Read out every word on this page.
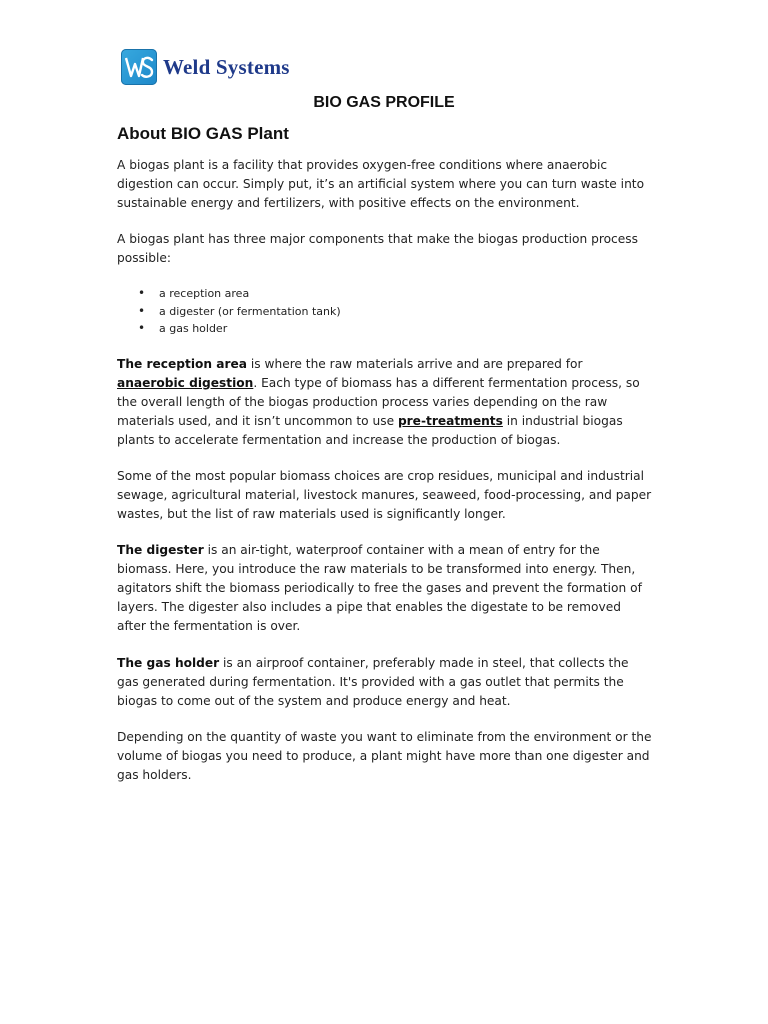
Weld Systems
BIO GAS PROFILE
About BIO GAS Plant

A biogas plant is a facility that provides oxygen-free conditions where anaerobic digestion can occur. Simply put, it’s an artificial system where you can turn waste into sustainable energy and fertilizers, with positive effects on the environment.

A biogas plant has three major components that make the biogas production process possible:

• a reception area
• a digester (or fermentation tank)
• a gas holder

The reception area is where the raw materials arrive and are prepared for anaerobic digestion. Each type of biomass has a different fermentation process, so the overall length of the biogas production process varies depending on the raw materials used, and it isn’t uncommon to use pre-treatments in industrial biogas plants to accelerate fermentation and increase the production of biogas.

Some of the most popular biomass choices are crop residues, municipal and industrial sewage, agricultural material, livestock manures, seaweed, food-processing, and paper wastes, but the list of raw materials used is significantly longer.

The digester is an air-tight, waterproof container with a mean of entry for the biomass. Here, you introduce the raw materials to be transformed into energy. Then, agitators shift the biomass periodically to free the gases and prevent the formation of layers. The digester also includes a pipe that enables the digestate to be removed after the fermentation is over.

The gas holder is an airproof container, preferably made in steel, that collects the gas generated during fermentation. It's provided with a gas outlet that permits the biogas to come out of the system and produce energy and heat.

Depending on the quantity of waste you want to eliminate from the environment or the volume of biogas you need to produce, a plant might have more than one digester and gas holders.
